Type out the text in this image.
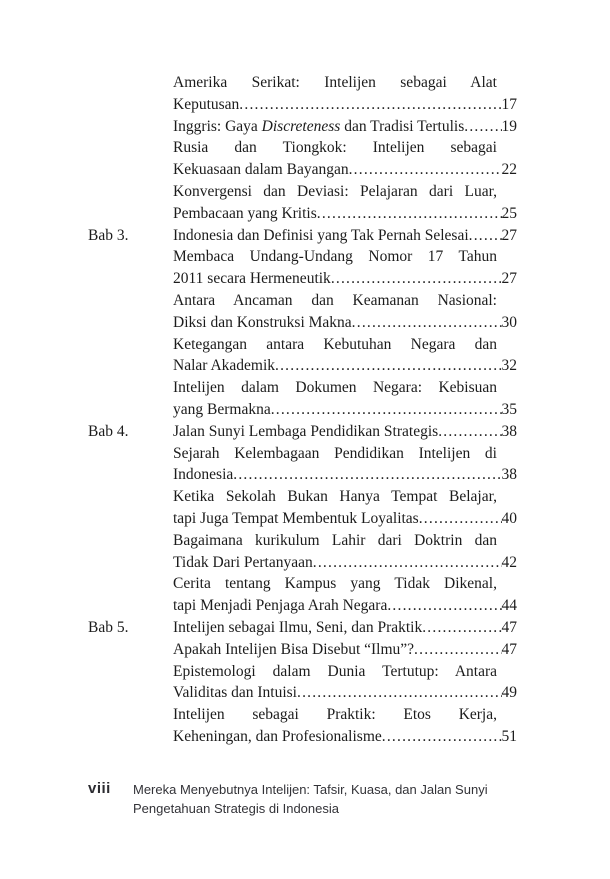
Amerika Serikat: Intelijen sebagai Alat
Keputusan .....	17
Inggris: Gaya Discreteness dan Tradisi Tertulis ..... 19
Rusia dan Tiongkok: Intelijen sebagai
Kekuasaan dalam Bayangan .....	22
Konvergensi dan Deviasi: Pelajaran dari Luar,
Pembacaan yang Kritis .....	25
Bab 3.	Indonesia dan Definisi yang Tak Pernah Selesai ..... 27
Membaca Undang-Undang Nomor 17 Tahun
2011 secara Hermeneutik .....	27
Antara Ancaman dan Keamanan Nasional:
Diksi dan Konstruksi Makna .....	30
Ketegangan antara Kebutuhan Negara dan
Nalar Akademik .....	32
Intelijen dalam Dokumen Negara: Kebisuan
yang Bermakna .....	35
Bab 4.	Jalan Sunyi Lembaga Pendidikan Strategis .....	38
Sejarah Kelembagaan Pendidikan Intelijen di
Indonesia .....	38
Ketika Sekolah Bukan Hanya Tempat Belajar,
tapi Juga Tempat Membentuk Loyalitas .....	40
Bagaimana kurikulum Lahir dari Doktrin dan
Tidak Dari Pertanyaan .....	42
Cerita tentang Kampus yang Tidak Dikenal,
tapi Menjadi Penjaga Arah Negara .....	44
Bab 5.	Intelijen sebagai Ilmu, Seni, dan Praktik .....	47
Apakah Intelijen Bisa Disebut “Ilmu”? .....	47
Epistemologi dalam Dunia Tertutup: Antara
Validitas dan Intuisi .....	49
Intelijen sebagai Praktik: Etos Kerja,
Keheningan, dan Profesionalisme .....	51
viii	Mereka Menyebutnya Intelijen: Tafsir, Kuasa, dan Jalan Sunyi
Pengetahuan Strategis di Indonesia
